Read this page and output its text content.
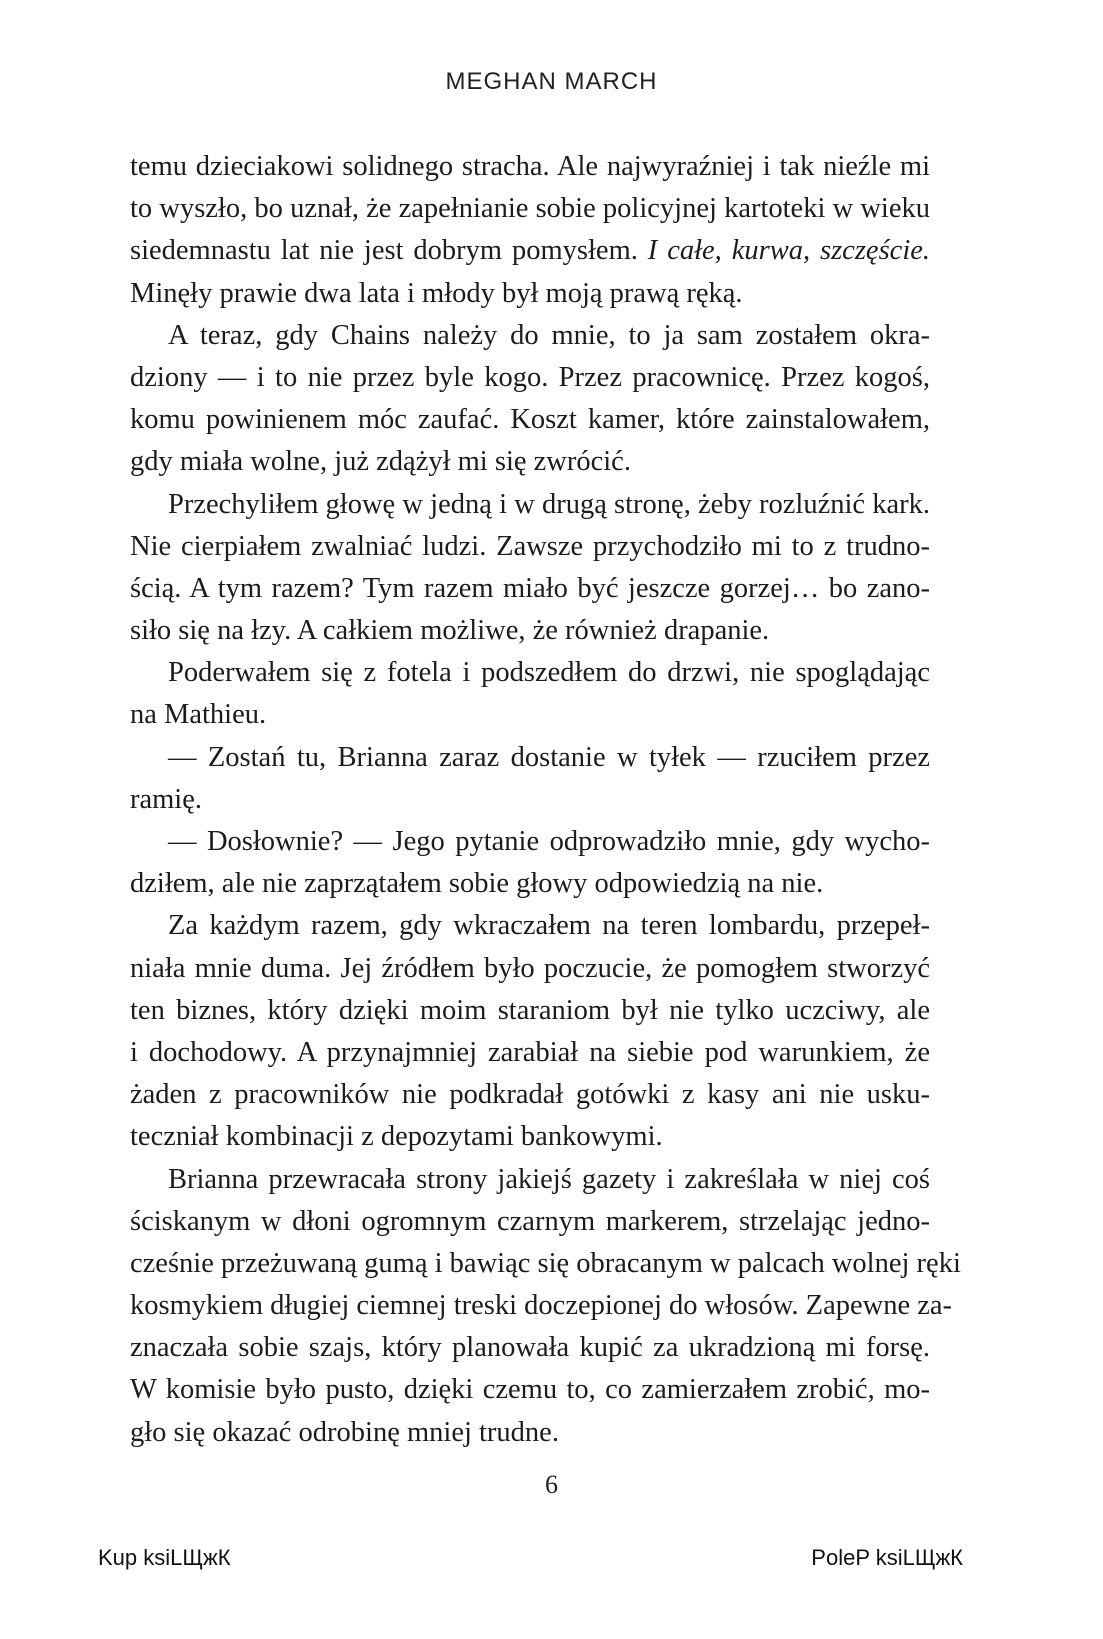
MEGHAN MARCH
temu dzieciakowi solidnego stracha. Ale najwyraźniej i tak nieźle mi
to wyszło, bo uznał, że zapełnianie sobie policyjnej kartoteki w wieku
siedemnastu lat nie jest dobrym pomysłem. I całe, kurwa, szczęście.
Minęły prawie dwa lata i młody był moją prawą ręką.
A teraz, gdy Chains należy do mnie, to ja sam zostałem okra-
dziony — i to nie przez byle kogo. Przez pracownicę. Przez kogoś,
komu powinienem móc zaufać. Koszt kamer, które zainstalowałem,
gdy miała wolne, już zdążył mi się zwrócić.
Przechyliłem głowę w jedną i w drugą stronę, żeby rozluźnić kark.
Nie cierpiałem zwalniać ludzi. Zawsze przychodziło mi to z trudno-
ścią. A tym razem? Tym razem miało być jeszcze gorzej… bo zano-
siło się na łzy. A całkiem możliwe, że również drapanie.
Poderwałem się z fotela i podszedłem do drzwi, nie spoglądając
na Mathieu.
— Zostań tu, Brianna zaraz dostanie w tyłek — rzuciłem przez
ramię.
— Dosłownie? — Jego pytanie odprowadziło mnie, gdy wycho-
dziłem, ale nie zaprzątałem sobie głowy odpowiedzią na nie.
Za każdym razem, gdy wkraczałem na teren lombardu, przepeł-
niała mnie duma. Jej źródłem było poczucie, że pomogłem stworzyć
ten biznes, który dzięki moim staraniom był nie tylko uczciwy, ale
i dochodowy. A przynajmniej zarabiał na siebie pod warunkiem, że
żaden z pracowników nie podkradał gotówki z kasy ani nie usku-
teczniał kombinacji z depozytami bankowymi.
Brianna przewracała strony jakiejś gazety i zakreślała w niej coś
ściskanym w dłoni ogromnym czarnym markerem, strzelając jedno-
cześnie przeżuwaną gumą i bawiąc się obracanym w palcach wolnej ręki
kosmykiem długiej ciemnej treski doczepionej do włosów. Zapewne za-
znaczała sobie szajs, który planowała kupić za ukradzioną mi forsę.
W komisie było pusto, dzięki czemu to, co zamierzałem zrobić, mo-
gło się okazać odrobinę mniej trudne.
6
Kup ksiLЩжК	PoleP ksiLЩжК
